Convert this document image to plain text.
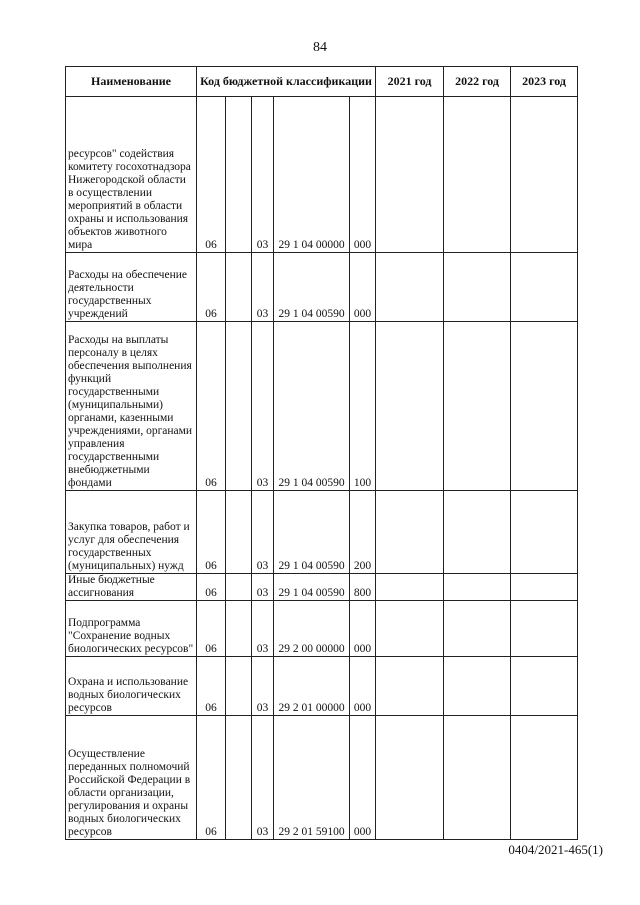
84
Наименование	Код бюджетной классификации					2021 год	2022 год	2023 год
ресурсов" содействия комитету госохотнадзора Нижегородской области в осуществлении мероприятий в области охраны и использования объектов животного мира	06		03	29 1 04 00000	000			
Расходы на обеспечение деятельности государственных учреждений	06		03	29 1 04 00590	000			
Расходы на выплаты персоналу в целях обеспечения выполнения функций государственными (муниципальными) органами, казенными учреждениями, органами управления государственными внебюджетными фондами	06		03	29 1 04 00590	100			
Закупка товаров, работ и услуг для обеспечения государственных (муниципальных) нужд	06		03	29 1 04 00590	200			
Иные бюджетные ассигнования	06		03	29 1 04 00590	800			
Подпрограмма "Сохранение водных биологических ресурсов"	06		03	29 2 00 00000	000			
Охрана и использование водных биологических ресурсов	06		03	29 2 01 00000	000			
Осуществление переданных полномочий Российской Федерации в области организации, регулирования и охраны водных биологических ресурсов	06		03	29 2 01 59100	000			
0404/2021-465(1)
